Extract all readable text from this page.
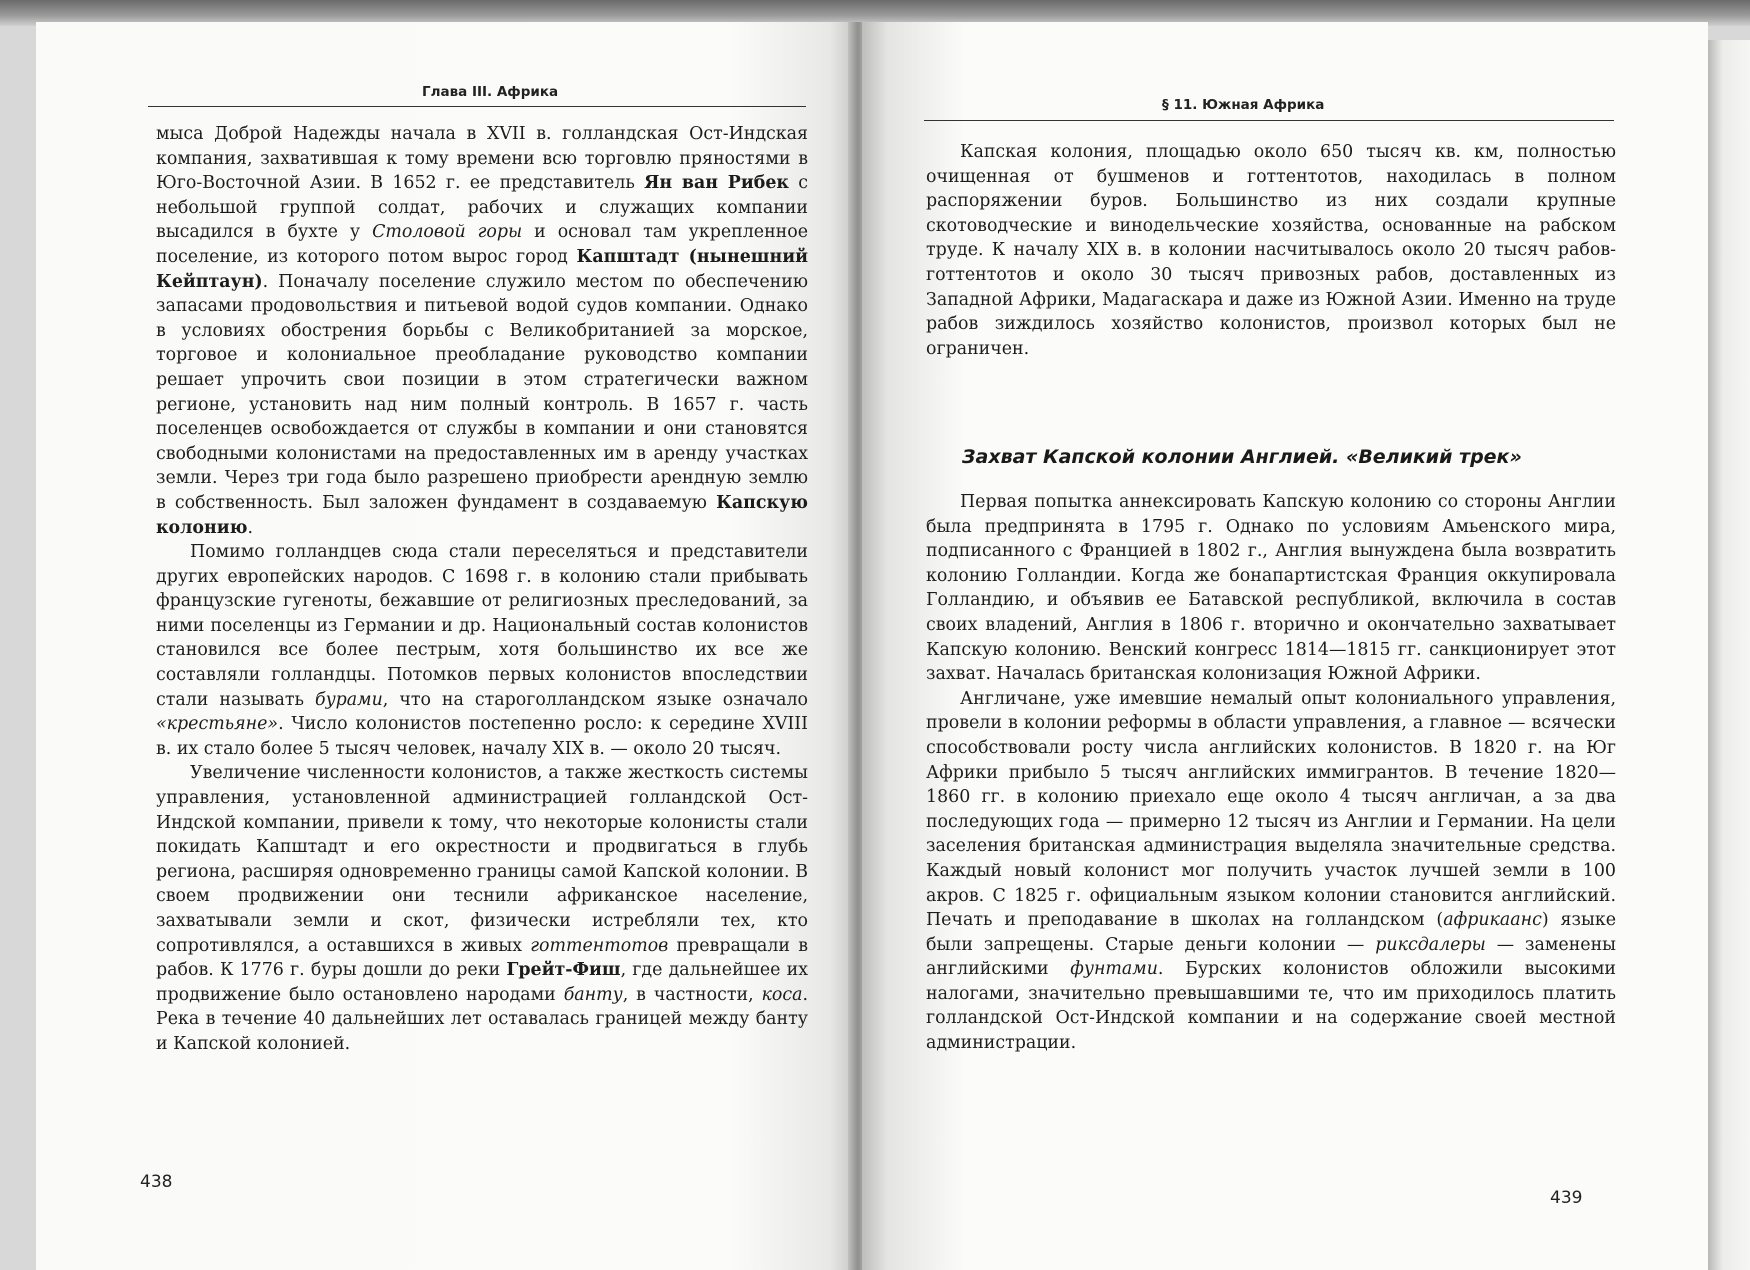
Глава III. Африка

мыса Доброй Надежды начала в XVII в. голландская Ост-Индская компания, захватившая к тому времени всю торговлю пряностями в Юго-Восточной Азии. В 1652 г. ее представитель Ян ван Рибек с небольшой группой солдат, рабочих и служащих компании высадился в бухте у Столовой горы и основал там укрепленное поселение, из которого потом вырос город Капштадт (нынешний Кейптаун). Поначалу поселение служило местом по обеспечению запасами продовольствия и питьевой водой судов компании. Однако в условиях обострения борьбы с Великобританией за морское, торговое и колониальное преобладание руководство компании решает упрочить свои позиции в этом стратегически важном регионе, установить над ним полный контроль. В 1657 г. часть поселенцев освобождается от службы в компании и они становятся свободными колонистами на предоставленных им в аренду участках земли. Через три года было разрешено приобрести арендную землю в собственность. Был заложен фундамент в создаваемую Капскую колонию.

Помимо голландцев сюда стали переселяться и представители других европейских народов. С 1698 г. в колонию стали прибывать французские гугеноты, бежавшие от религиозных преследований, за ними поселенцы из Германии и др. Национальный состав колонистов становился все более пестрым, хотя большинство их все же составляли голландцы. Потомков первых колонистов впоследствии стали называть бурами, что на староголландском языке означало «крестьяне». Число колонистов постепенно росло: к середине XVIII в. их стало более 5 тысяч человек, началу XIX в. — около 20 тысяч.

Увеличение численности колонистов, а также жесткость системы управления, установленной администрацией голландской Ост-Индской компании, привели к тому, что некоторые колонисты стали покидать Капштадт и его окрестности и продвигаться в глубь региона, расширяя одновременно границы самой Капской колонии. В своем продвижении они теснили африканское население, захватывали земли и скот, физически истребляли тех, кто сопротивлялся, а оставшихся в живых готтентотов превращали в рабов. К 1776 г. буры дошли до реки Грейт-Фиш, где дальнейшее их продвижение было остановлено народами банту, в частности, коса. Река в течение 40 дальнейших лет оставалась границей между банту и Капской колонией.

438
§ 11. Южная Африка

Капская колония, площадью около 650 тысяч кв. км, полностью очищенная от бушменов и готтентотов, находилась в полном распоряжении буров. Большинство из них создали крупные скотоводческие и винодельческие хозяйства, основанные на рабском труде. К началу XIX в. в колонии насчитывалось около 20 тысяч рабов-готтентотов и около 30 тысяч привозных рабов, доставленных из Западной Африки, Мадагаскара и даже из Южной Азии. Именно на труде рабов зиждилось хозяйство колонистов, произвол которых был не ограничен.

Захват Капской колонии Англией. «Великий трек»

Первая попытка аннексировать Капскую колонию со стороны Англии была предпринята в 1795 г. Однако по условиям Амьенского мира, подписанного с Францией в 1802 г., Англия вынуждена была возвратить колонию Голландии. Когда же бонапартистская Франция оккупировала Голландию, и объявив ее Батавской республикой, включила в состав своих владений, Англия в 1806 г. вторично и окончательно захватывает Капскую колонию. Венский конгресс 1814—1815 гг. санкционирует этот захват. Началась британская колонизация Южной Африки.

Англичане, уже имевшие немалый опыт колониального управления, провели в колонии реформы в области управления, а главное — всячески способствовали росту числа английских колонистов. В 1820 г. на Юг Африки прибыло 5 тысяч английских иммигрантов. В течение 1820—1860 гг. в колонию приехало еще около 4 тысяч англичан, а за два последующих года — примерно 12 тысяч из Англии и Германии. На цели заселения британская администрация выделяла значительные средства. Каждый новый колонист мог получить участок лучшей земли в 100 акров. С 1825 г. официальным языком колонии становится английский. Печать и преподавание в школах на голландском (африкаанс) языке были запрещены. Старые деньги колонии — риксдалеры — заменены английскими фунтами. Бурских колонистов обложили высокими налогами, значительно превышавшими те, что им приходилось платить голландской Ост-Индской компании и на содержание своей местной администрации.

439
